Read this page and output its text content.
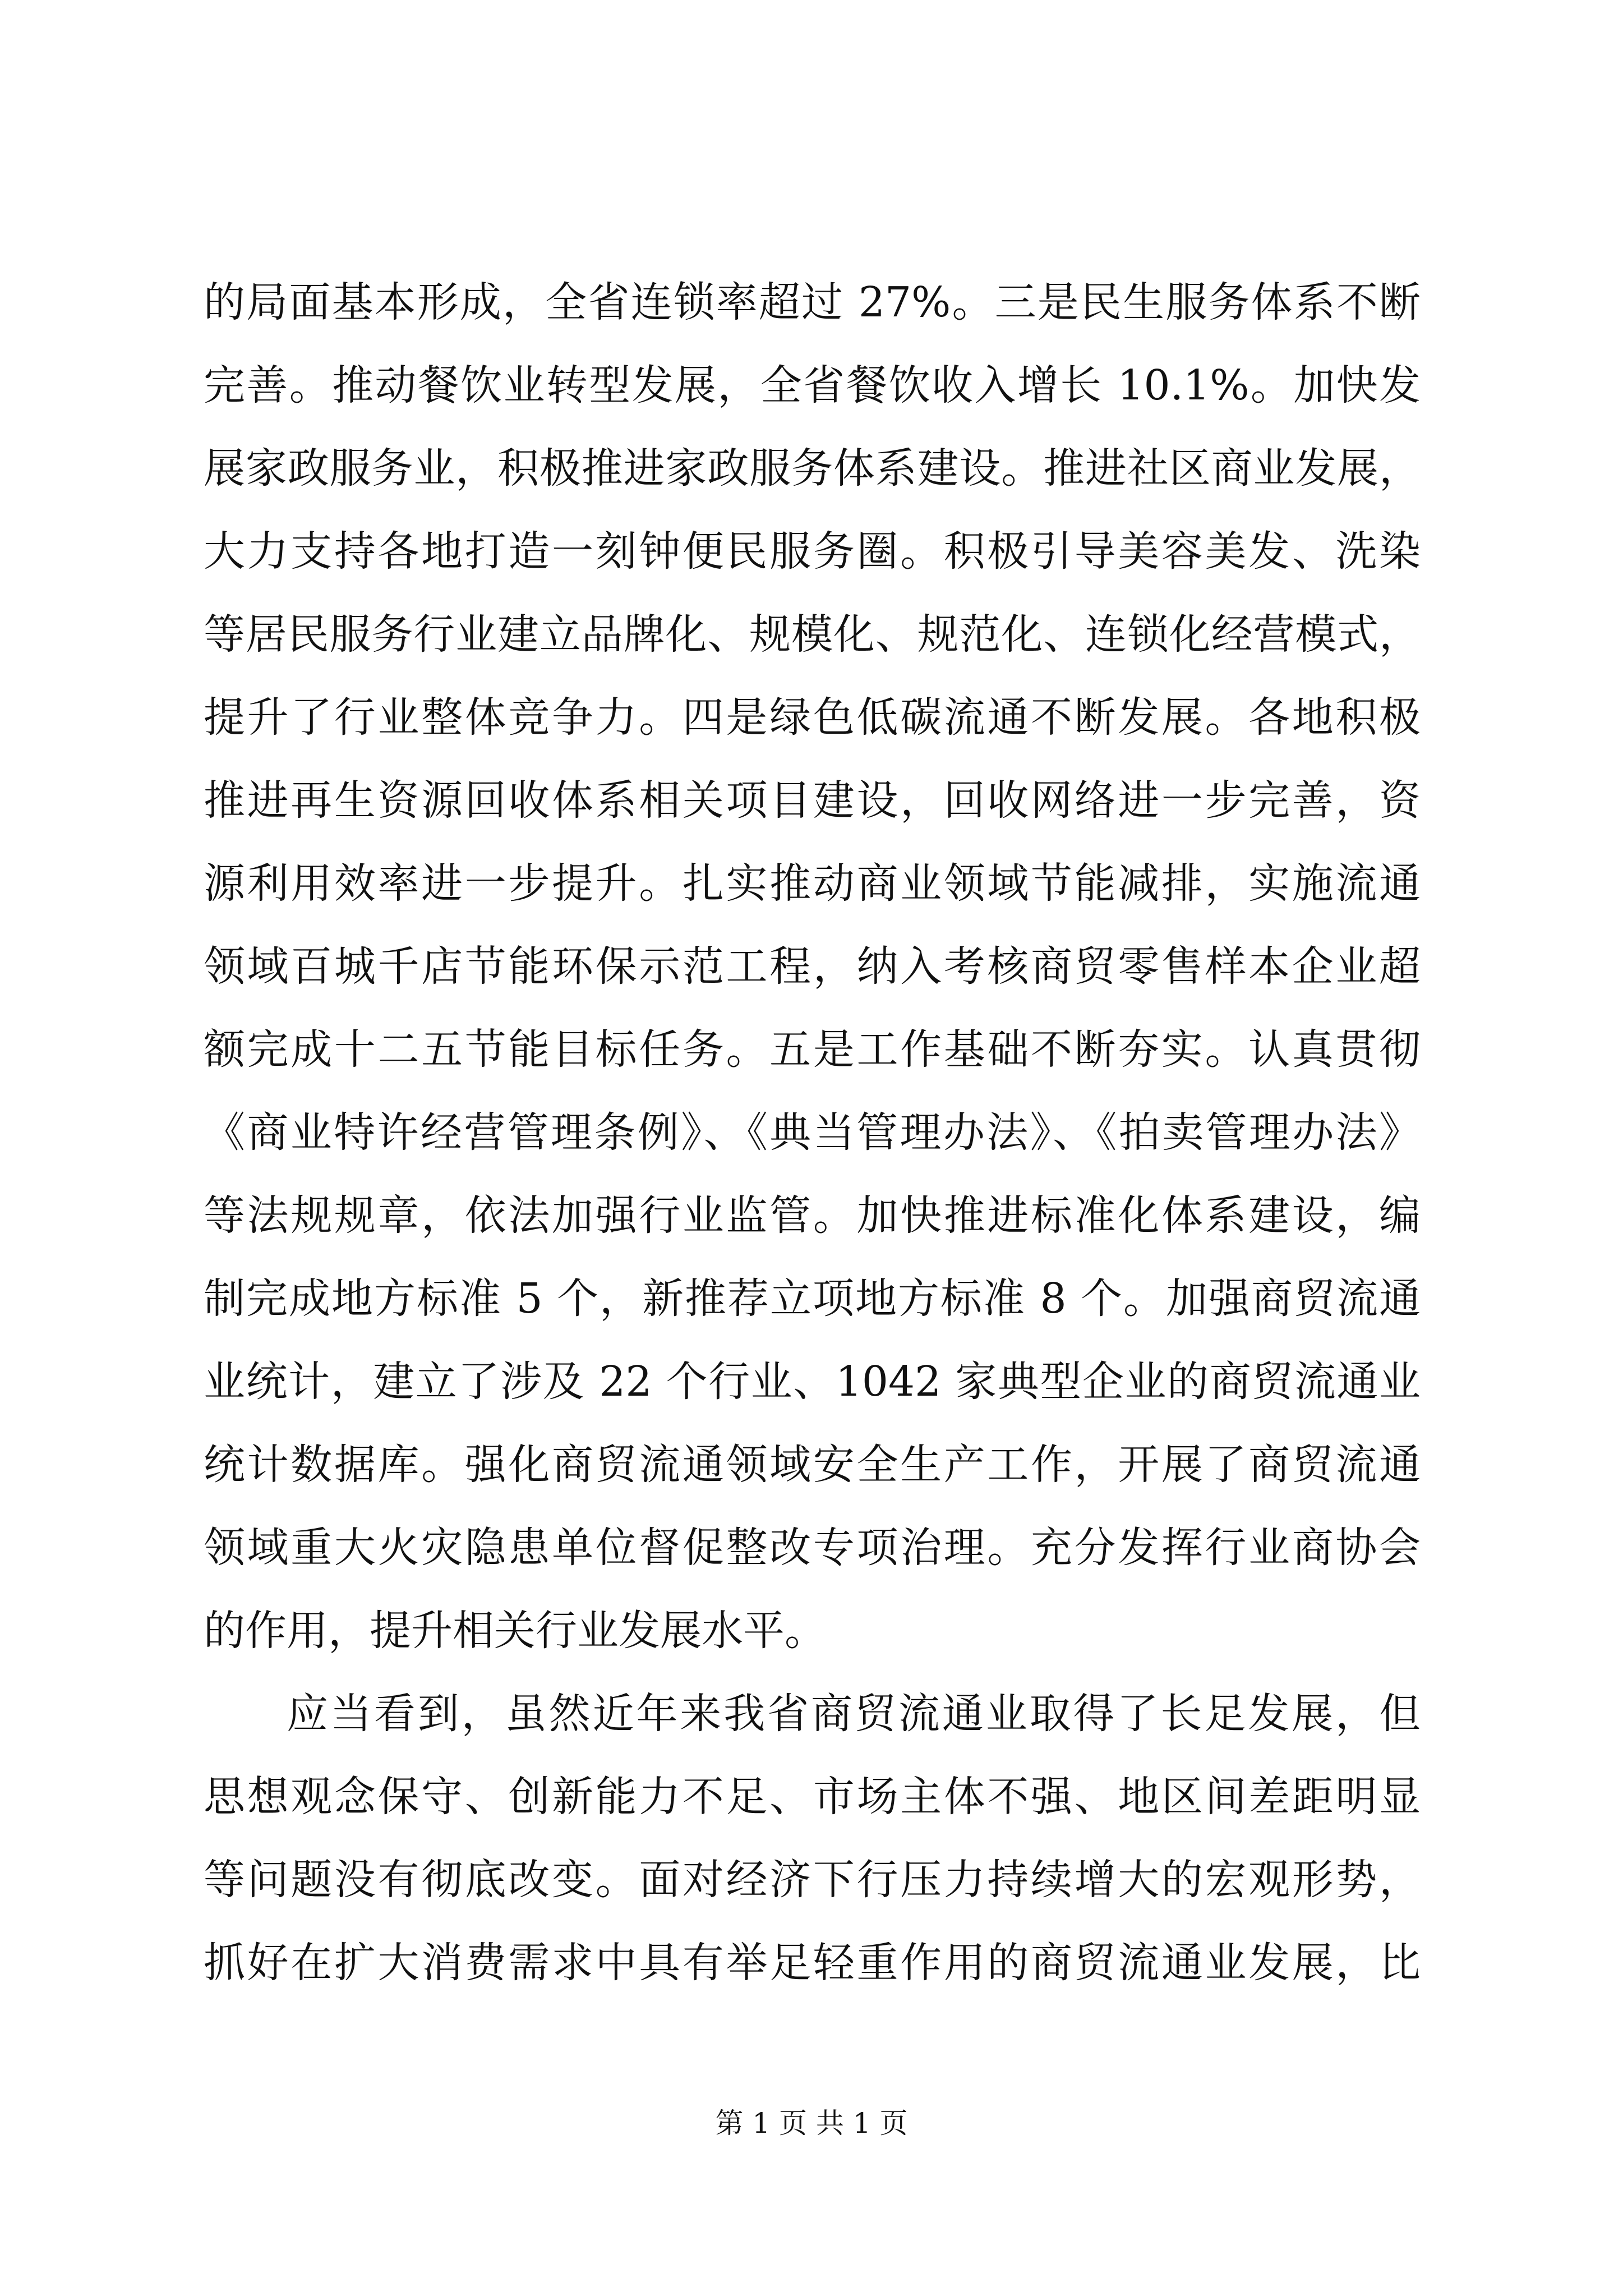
的局面基本形成，全省连锁率超过 27%。三是民生服务体系不断
完善。推动餐饮业转型发展，全省餐饮收入增长 10.1%。加快发
展家政服务业，积极推进家政服务体系建设。推进社区商业发展，
大力支持各地打造一刻钟便民服务圈。积极引导美容美发、洗染
等居民服务行业建立品牌化、规模化、规范化、连锁化经营模式，
提升了行业整体竞争力。四是绿色低碳流通不断发展。各地积极
推进再生资源回收体系相关项目建设，回收网络进一步完善，资
源利用效率进一步提升。扎实推动商业领域节能减排，实施流通
领域百城千店节能环保示范工程，纳入考核商贸零售样本企业超
额完成十二五节能目标任务。五是工作基础不断夯实。认真贯彻
《商业特许经营管理条例》、《典当管理办法》、《拍卖管理办法》
等法规规章，依法加强行业监管。加快推进标准化体系建设，编
制完成地方标准 5 个，新推荐立项地方标准 8 个。加强商贸流通
业统计，建立了涉及 22 个行业、1042 家典型企业的商贸流通业
统计数据库。强化商贸流通领域安全生产工作，开展了商贸流通
领域重大火灾隐患单位督促整改专项治理。充分发挥行业商协会
的作用，提升相关行业发展水平。
应当看到，虽然近年来我省商贸流通业取得了长足发展，但
思想观念保守、创新能力不足、市场主体不强、地区间差距明显
等问题没有彻底改变。面对经济下行压力持续增大的宏观形势，
抓好在扩大消费需求中具有举足轻重作用的商贸流通业发展，比
第 1 页 共 1 页
